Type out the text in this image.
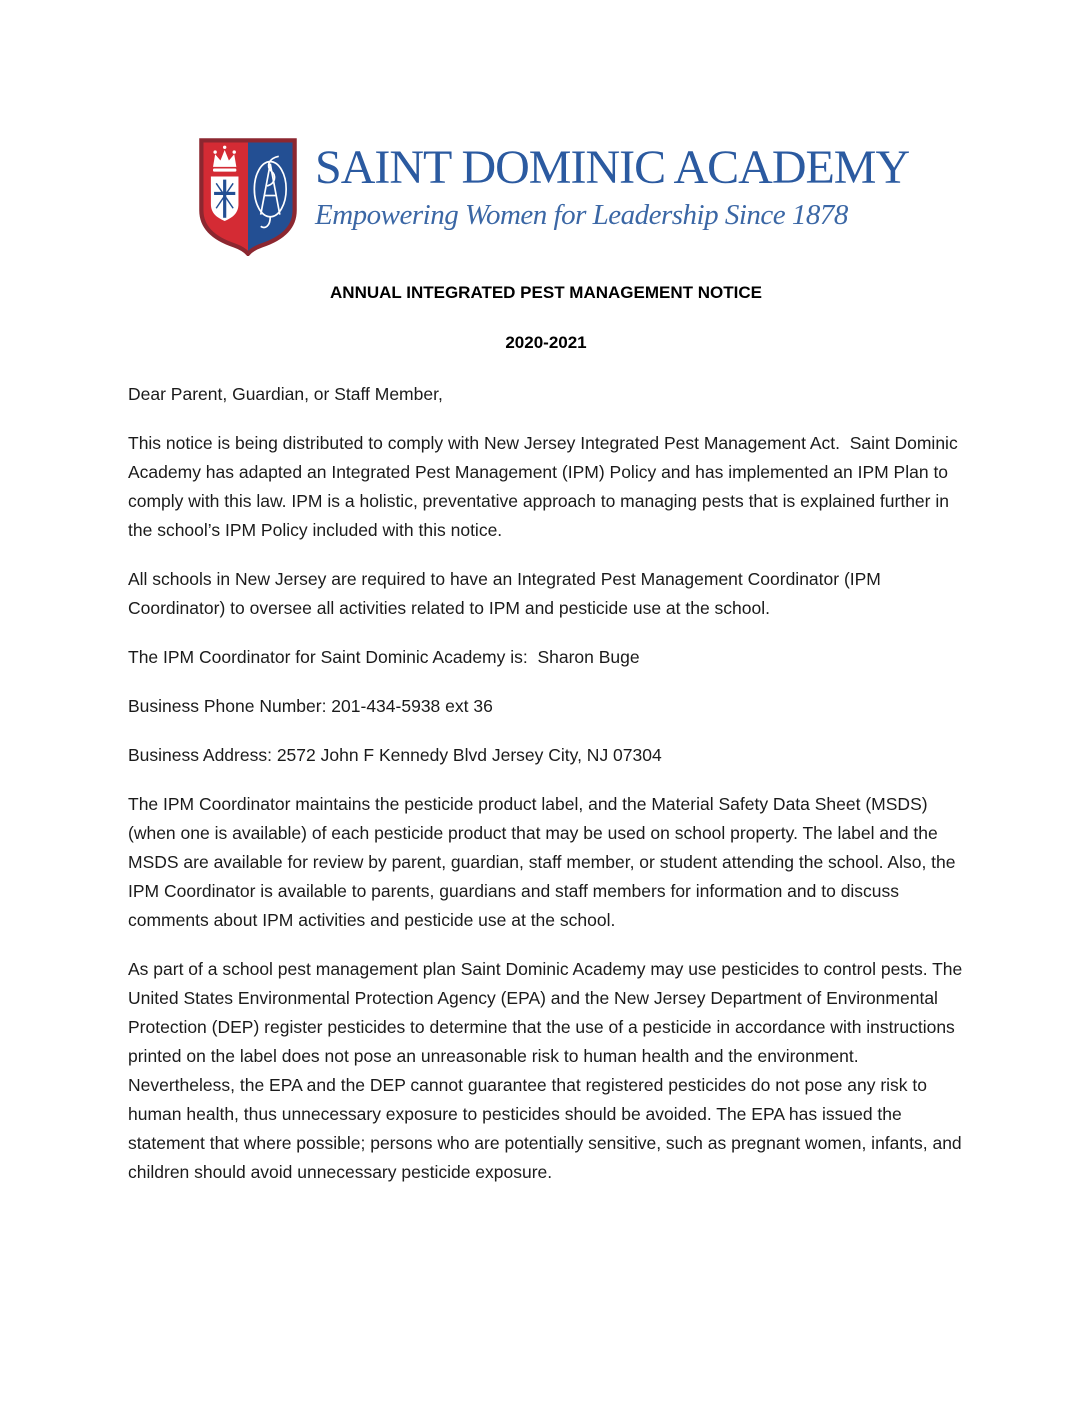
SAINT DOMINIC ACADEMY
Empowering Women for Leadership Since 1878
ANNUAL INTEGRATED PEST MANAGEMENT NOTICE
2020-2021

Dear Parent, Guardian, or Staff Member,

This notice is being distributed to comply with New Jersey Integrated Pest Management Act.  Saint Dominic Academy has adapted an Integrated Pest Management (IPM) Policy and has implemented an IPM Plan to comply with this law. IPM is a holistic, preventative approach to managing pests that is explained further in the school’s IPM Policy included with this notice.

All schools in New Jersey are required to have an Integrated Pest Management Coordinator (IPM Coordinator) to oversee all activities related to IPM and pesticide use at the school.

The IPM Coordinator for Saint Dominic Academy is:  Sharon Buge

Business Phone Number: 201-434-5938 ext 36

Business Address: 2572 John F Kennedy Blvd Jersey City, NJ 07304

The IPM Coordinator maintains the pesticide product label, and the Material Safety Data Sheet (MSDS) (when one is available) of each pesticide product that may be used on school property. The label and the MSDS are available for review by parent, guardian, staff member, or student attending the school. Also, the IPM Coordinator is available to parents, guardians and staff members for information and to discuss comments about IPM activities and pesticide use at the school.

As part of a school pest management plan Saint Dominic Academy may use pesticides to control pests. The United States Environmental Protection Agency (EPA) and the New Jersey Department of Environmental Protection (DEP) register pesticides to determine that the use of a pesticide in accordance with instructions printed on the label does not pose an unreasonable risk to human health and the environment. Nevertheless, the EPA and the DEP cannot guarantee that registered pesticides do not pose any risk to human health, thus unnecessary exposure to pesticides should be avoided. The EPA has issued the statement that where possible; persons who are potentially sensitive, such as pregnant women, infants, and children should avoid unnecessary pesticide exposure.
